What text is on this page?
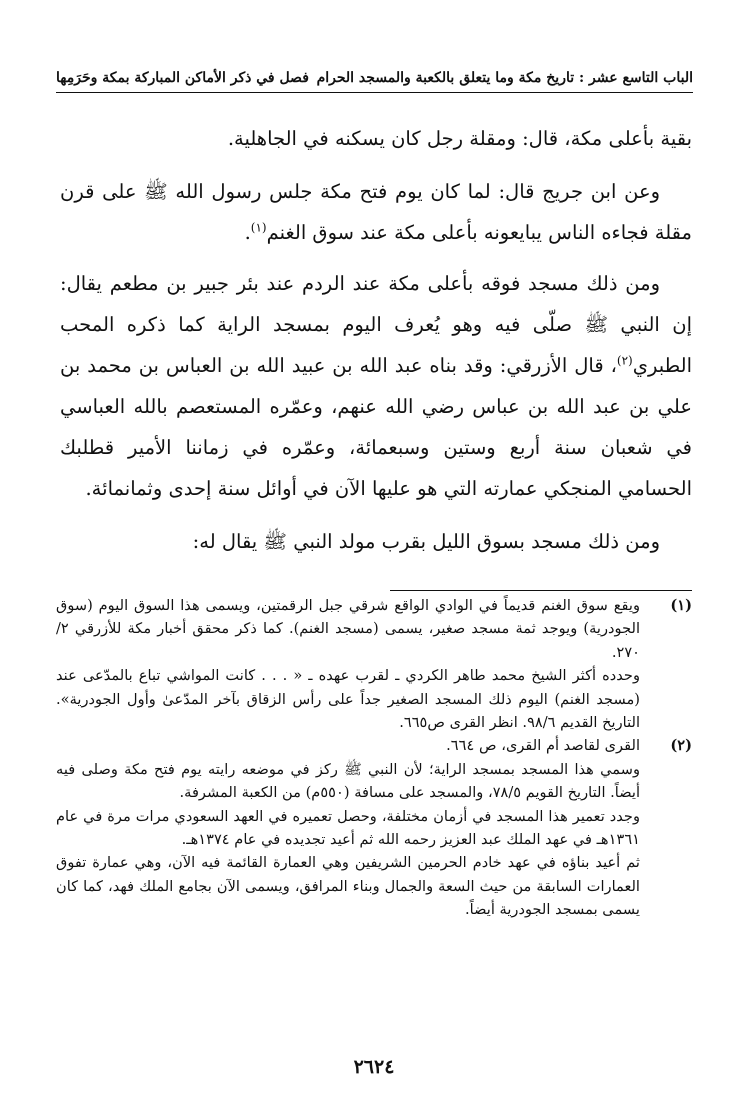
الباب التاسع عشر : تاريخ مكة وما يتعلق بالكعبة والمسجد الحرام
فصل في ذكر الأماكن المباركة بمكة وحَرَمِها

بقية بأعلى مكة، قال: ومقلة رجل كان يسكنه في الجاهلية.

وعن ابن جريج قال: لما كان يوم فتح مكة جلس رسول الله ﷺ على قرن مقلة فجاءه الناس يبايعونه بأعلى مكة عند سوق الغنم$^{(١)}$.

ومن ذلك مسجد فوقه بأعلى مكة عند الردم عند بئر جبير بن مطعم يقال: إن النبي ﷺ صلّى فيه وهو يُعرف اليوم بمسجد الراية كما ذكره المحب الطبري$^{(٢)}$، قال الأزرقي: وقد بناه عبد الله بن عبيد الله بن العباس بن محمد بن علي بن عبد الله بن عباس رضي الله عنهم، وعمّره المستعصم بالله العباسي في شعبان سنة أربع وستين وسبعمائة، وعمّره في زماننا الأمير قطلبك الحسامي المنجكي عمارته التي هو عليها الآن في أوائل سنة إحدى وثمانمائة.

ومن ذلك مسجد بسوق الليل بقرب مولد النبي ﷺ يقال له:

(١)

ويقع سوق الغنم قديماً في الوادي الواقع شرقي جبل الرقمتين، ويسمى هذا السوق اليوم (سوق الجودرية) ويوجد ثمة مسجد صغير، يسمى (مسجد الغنم). كما ذكر محقق أخبار مكة للأزرقي ٢/ ٢٧٠.

وحدده أكثر الشيخ محمد طاهر الكردي ـ لقرب عهده ـ « . . . كانت المواشي تباع بالمدّعى عند (مسجد الغنم) اليوم ذلك المسجد الصغير جداً على رأس الزقاق بآخر المدّعىٰ وأول الجودرية». التاريخ القديم ٩٨/٦. انظر القرى ص٦٦٥.

(٢)

القرى لقاصد أم القرى، ص ٦٦٤.

وسمي هذا المسجد بمسجد الراية؛ لأن النبي ﷺ ركز في موضعه رايته يوم فتح مكة وصلى فيه أيضاً. التاريخ القويم ٧٨/٥، والمسجد على مسافة (٥٥٠م) من الكعبة المشرفة.

وجدد تعمير هذا المسجد في أزمان مختلفة، وحصل تعميره في العهد السعودي مرات مرة في عام ١٣٦١هـ في عهد الملك عبد العزيز رحمه الله ثم أعيد تجديده في عام ١٣٧٤هـ.

ثم أعيد بناؤه في عهد خادم الحرمين الشريفين وهي العمارة القائمة فيه الآن، وهي عمارة تفوق العمارات السابقة من حيث السعة والجمال وبناء المرافق، ويسمى الآن بجامع الملك فهد، كما كان يسمى بمسجد الجودرية أيضاً.

٢٦٢٤
